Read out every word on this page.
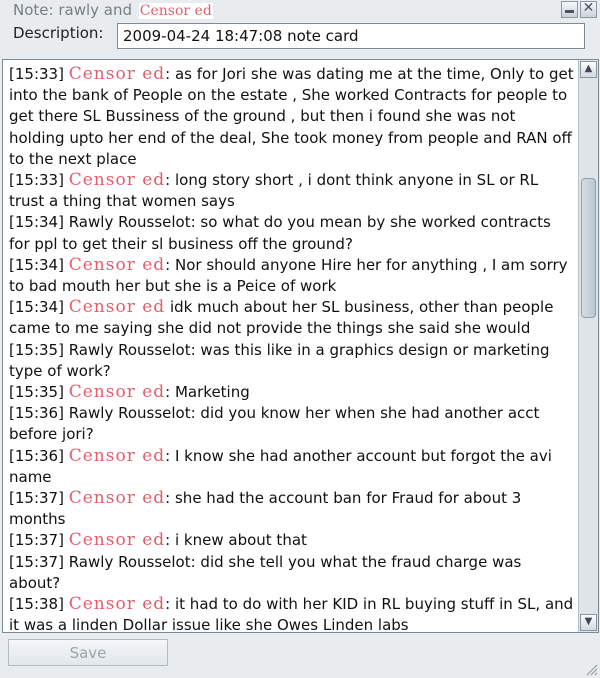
Note: rawly and Censor ed	✕
Description:
2009-04-24 18:47:08 note card
[15:33] Censor ed: as for Jori she was dating me at the time, Only to get into the bank of People on the estate , She worked Contracts for people to get there SL Bussiness of the ground , but then i found she was not holding upto her end of the deal, She took money from people and RAN off to the next place
[15:33] Censor ed: long story short , i dont think anyone in SL or RL trust a thing that women says
[15:34] Rawly Rousselot: so what do you mean by she worked contracts for ppl to get their sl business off the ground?
[15:34] Censor ed: Nor should anyone Hire her for anything , I am sorry to bad mouth her but she is a Peice of work
[15:34] Censor ed idk much about her SL business, other than people came to me saying she did not provide the things she said she would
[15:35] Rawly Rousselot: was this like in a graphics design or marketing type of work?
[15:35] Censor ed: Marketing
[15:36] Rawly Rousselot: did you know her when she had another acct before jori?
[15:36] Censor ed: I know she had another account but forgot the avi name
[15:37] Censor ed: she had the account ban for Fraud for about 3 months
[15:37] Censor ed: i knew about that
[15:37] Rawly Rousselot: did she tell you what the fraud charge was about?
[15:38] Censor ed: it had to do with her KID in RL buying stuff in SL, and it was a linden Dollar issue like she Owes Linden labs
▲
▼
Save
